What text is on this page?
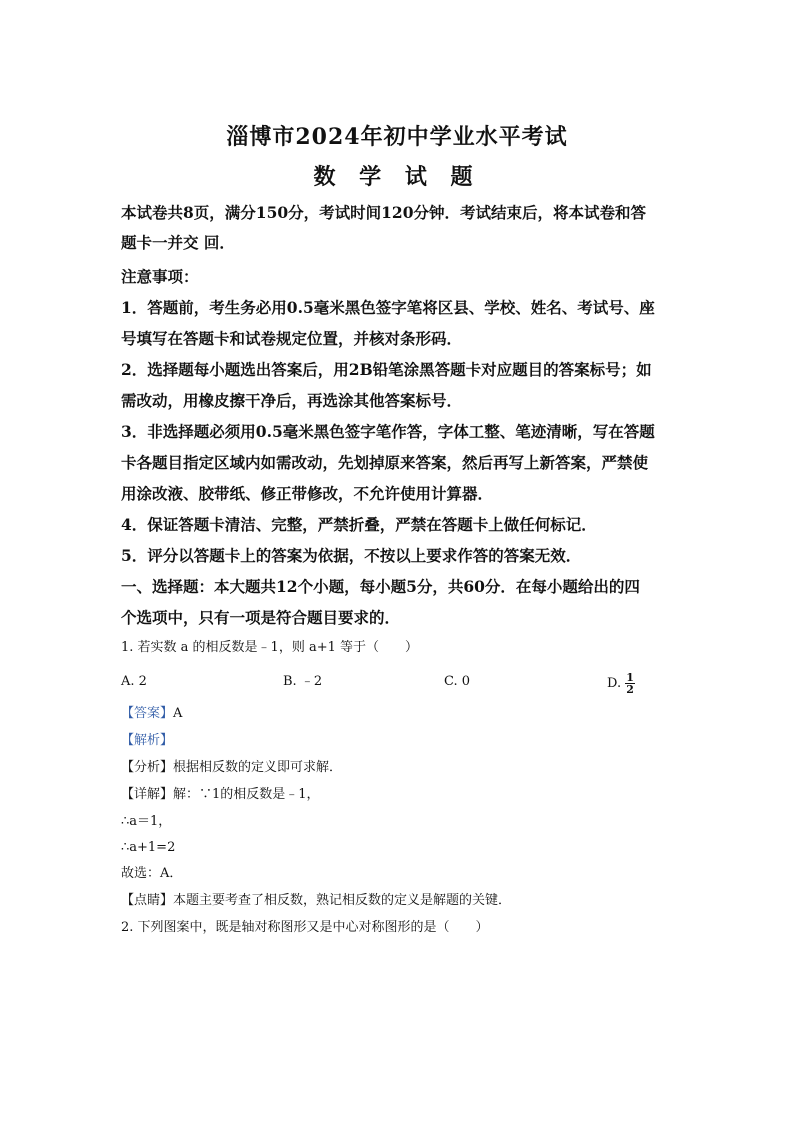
淄博市2024年初中学业水平考试
数 学 试 题
本试卷共8页，满分150分，考试时间120分钟．考试结束后，将本试卷和答
题卡一并交 回．
注意事项：
1．答题前，考生务必用0.5毫米黑色签字笔将区县、学校、姓名、考试号、座
号填写在答题卡和试卷规定位置，并核对条形码．
2．选择题每小题选出答案后，用2B铅笔涂黑答题卡对应题目的答案标号；如
需改动，用橡皮擦干净后，再选涂其他答案标号．
3．非选择题必须用0.5毫米黑色签字笔作答，字体工整、笔迹清晰，写在答题
卡各题目指定区域内如需改动，先划掉原来答案，然后再写上新答案，严禁使
用涂改液、胶带纸、修正带修改，不允许使用计算器．
4．保证答题卡清洁、完整，严禁折叠，严禁在答题卡上做任何标记．
5．评分以答题卡上的答案为依据，不按以上要求作答的答案无效．
一、选择题：本大题共12个小题，每小题5分，共60分．在每小题给出的四
个选项中，只有一项是符合题目要求的．
1. 若实数 a 的相反数是﹣1，则 a+1 等于（　　）
A. 2	B. ﹣2	C. 0	D. $\frac{1}{2}$
【答案】A
【解析】
【分析】根据相反数的定义即可求解．
【详解】解：∵1的相反数是﹣1，
∴a＝1，
∴a+1=2
故选：A．
【点睛】本题主要考查了相反数，熟记相反数的定义是解题的关键．
2. 下列图案中，既是轴对称图形又是中心对称图形的是（　　）
